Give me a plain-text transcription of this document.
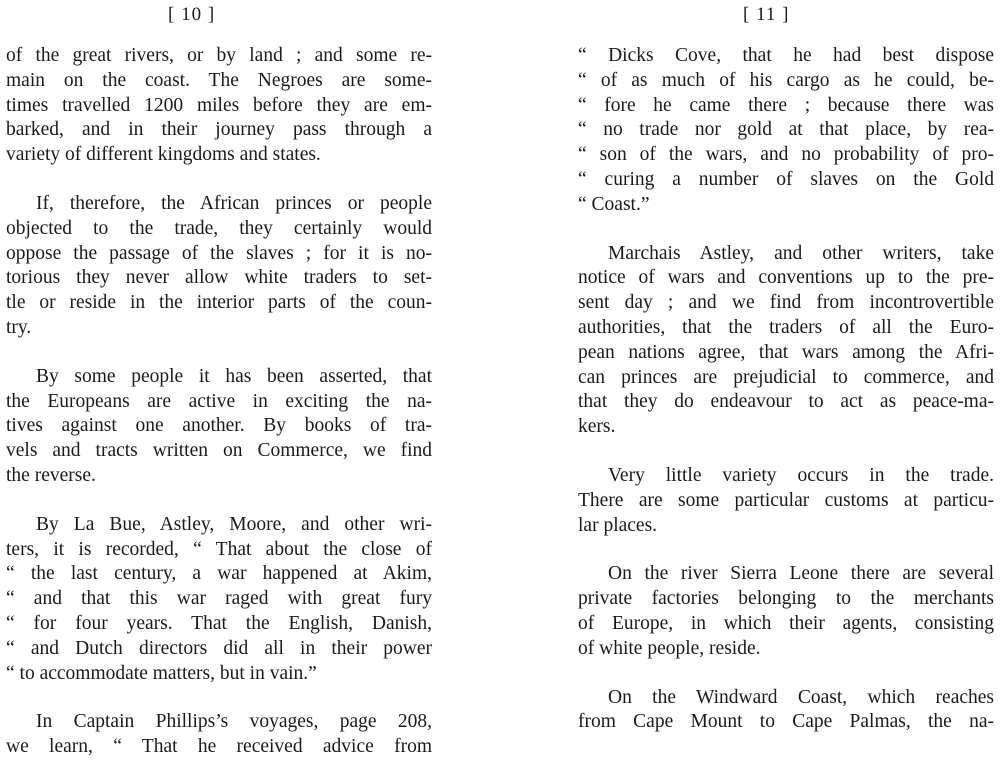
[ 10 ]
of the great rivers, or by land ; and some re-
main on the coast. The Negroes are some-
times travelled 1200 miles before they are em-
barked, and in their journey pass through a
variety of different kingdoms and states.
If, therefore, the African princes or people
objected to the trade, they certainly would
oppose the passage of the slaves ; for it is no-
torious they never allow white traders to set-
tle or reside in the interior parts of the coun-
try.
By some people it has been asserted, that
the Europeans are active in exciting the na-
tives against one another. By books of tra-
vels and tracts written on Commerce, we find
the reverse.
By La Bue, Astley, Moore, and other wri-
ters, it is recorded, “ That about the close of
“ the last century, a war happened at Akim,
“ and that this war raged with great fury
“ for four years. That the English, Danish,
“ and Dutch directors did all in their power
“ to accommodate matters, but in vain.”
In Captain Phillips’s voyages, page 208,
we learn, “ That he received advice from
[ 11 ]
“ Dicks Cove, that he had best dispose
“ of as much of his cargo as he could, be-
“ fore he came there ; because there was
“ no trade nor gold at that place, by rea-
“ son of the wars, and no probability of pro-
“ curing a number of slaves on the Gold
“ Coast.”
Marchais Astley, and other writers, take
notice of wars and conventions up to the pre-
sent day ; and we find from incontrovertible
authorities, that the traders of all the Euro-
pean nations agree, that wars among the Afri-
can princes are prejudicial to commerce, and
that they do endeavour to act as peace-ma-
kers.
Very little variety occurs in the trade.
There are some particular customs at particu-
lar places.
On the river Sierra Leone there are several
private factories belonging to the merchants
of Europe, in which their agents, consisting
of white people, reside.
On the Windward Coast, which reaches
from Cape Mount to Cape Palmas, the na-
